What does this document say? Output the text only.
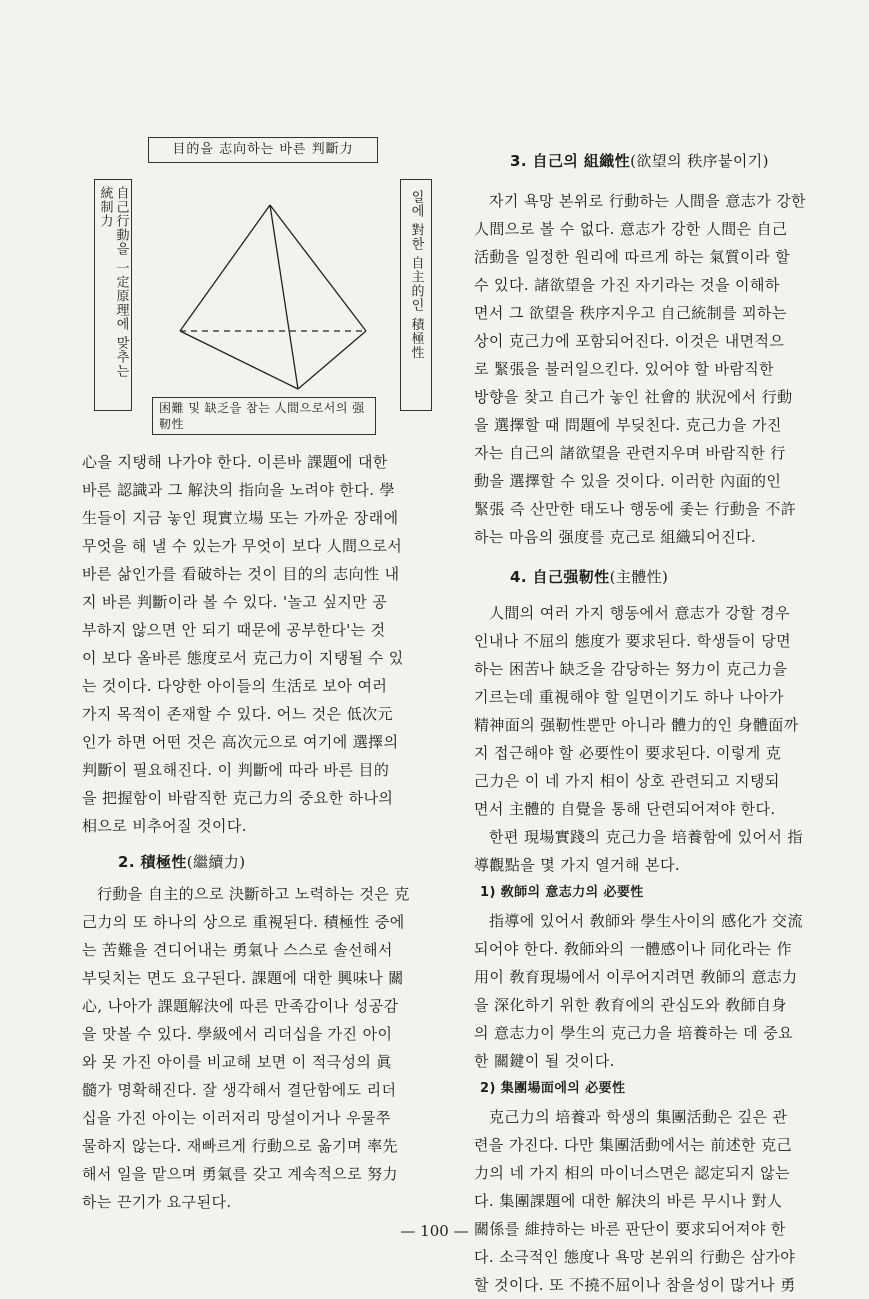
目的을 志向하는 바른 判斷力
自己行動을 一定原理에 맞추는
統制力	일에 對한 自主的인 積極性
困難 및 缺乏을 참는 人間으로서의 强靭性

心을 지탱해 나가야 한다. 이른바 課題에 대한
바른 認識과 그 解決의 指向을 노려야 한다. 學
生들이 지금 놓인 現實立場 또는 가까운 장래에
무엇을 해 낼 수 있는가 무엇이 보다 人間으로서
바른 삶인가를 看破하는 것이 目的의 志向性 내
지 바른 判斷이라 볼 수 있다. '놀고 싶지만 공
부하지 않으면 안 되기 때문에 공부한다'는 것
이 보다 올바른 態度로서 克己力이 지탱될 수 있
는 것이다. 다양한 아이들의 生活로 보아 여러
가지 목적이 존재할 수 있다. 어느 것은 低次元
인가 하면 어떤 것은 高次元으로 여기에 選擇의
判斷이 필요해진다. 이 判斷에 따라 바른 目的
을 把握함이 바람직한 克己力의 중요한 하나의
相으로 비추어질 것이다.

2. 積極性(繼續力)

行動을 自主的으로 決斷하고 노력하는 것은 克
己力의 또 하나의 상으로 重視된다. 積極性 중에
는 苦難을 견디어내는 勇氣나 스스로 솔선해서
부딪치는 면도 요구된다. 課題에 대한 興味나 關
心, 나아가 課題解決에 따른 만족감이나 성공감
을 맛볼 수 있다. 學級에서 리더십을 가진 아이
와 못 가진 아이를 비교해 보면 이 적극성의 眞
髓가 명확해진다. 잘 생각해서 결단함에도 리더
십을 가진 아이는 이러저리 망설이거나 우물쭈
물하지 않는다. 재빠르게 行動으로 옮기며 率先
해서 일을 맡으며 勇氣를 갖고 계속적으로 努力
하는 끈기가 요구된다.

3. 自己의 組織性(欲望의 秩序붙이기)

자기 욕망 본위로 行動하는 人間을 意志가 강한
人間으로 볼 수 없다. 意志가 강한 人間은 自己
活動을 일정한 원리에 따르게 하는 氣質이라 할
수 있다. 諸欲望을 가진 자기라는 것을 이해하
면서 그 欲望을 秩序지우고 自己統制를 꾀하는
상이 克己力에 포함되어진다. 이것은 내면적으
로 緊張을 불러일으킨다. 있어야 할 바람직한
방향을 찾고 自己가 놓인 社會的 狀況에서 行動
을 選擇할 때 問題에 부딪친다. 克己力을 가진
자는 自己의 諸欲望을 관련지우며 바람직한 行
動을 選擇할 수 있을 것이다. 이러한 內面的인
緊張 즉 산만한 태도나 행동에 좇는 行動을 不許
하는 마음의 强度를 克己로 組織되어진다.

4. 自己强靭性(主體性)

人間의 여러 가지 행동에서 意志가 강할 경우
인내나 不屈의 態度가 要求된다. 학생들이 당면
하는 困苦나 缺乏을 감당하는 努力이 克己力을
기르는데 重視해야 할 일면이기도 하나 나아가
精神面의 强靭性뿐만 아니라 體力的인 身體面까
지 접근해야 할 必要性이 要求된다. 이렇게 克
己力은 이 네 가지 相이 상호 관련되고 지탱되
면서 主體的 自覺을 통해 단련되어져야 한다.

한편 現場實踐의 克己力을 培養함에 있어서 指
導觀點을 몇 가지 열거해 본다.

1) 敎師의 意志力의 必要性

指導에 있어서 敎師와 學生사이의 感化가 交流
되어야 한다. 敎師와의 一體感이나 同化라는 作
用이 敎育現場에서 이루어지려면 敎師의 意志力
을 深化하기 위한 敎育에의 관심도와 敎師自身
의 意志力이 學生의 克己力을 培養하는 데 중요
한 關鍵이 될 것이다.

2) 集團場面에의 必要性

克己力의 培養과 학생의 集團活動은 깊은 관
련을 가진다. 다만 集團活動에서는 前述한 克己
力의 네 가지 相의 마이너스면은 認定되지 않는
다. 集團課題에 대한 解決의 바른 무시나 對人
關係를 維持하는 바른 판단이 要求되어져야 한
다. 소극적인 態度나 욕망 본위의 行動은 삼가야
할 것이다. 또 不撓不屈이나 참을성이 많거나 勇

— 100 —
